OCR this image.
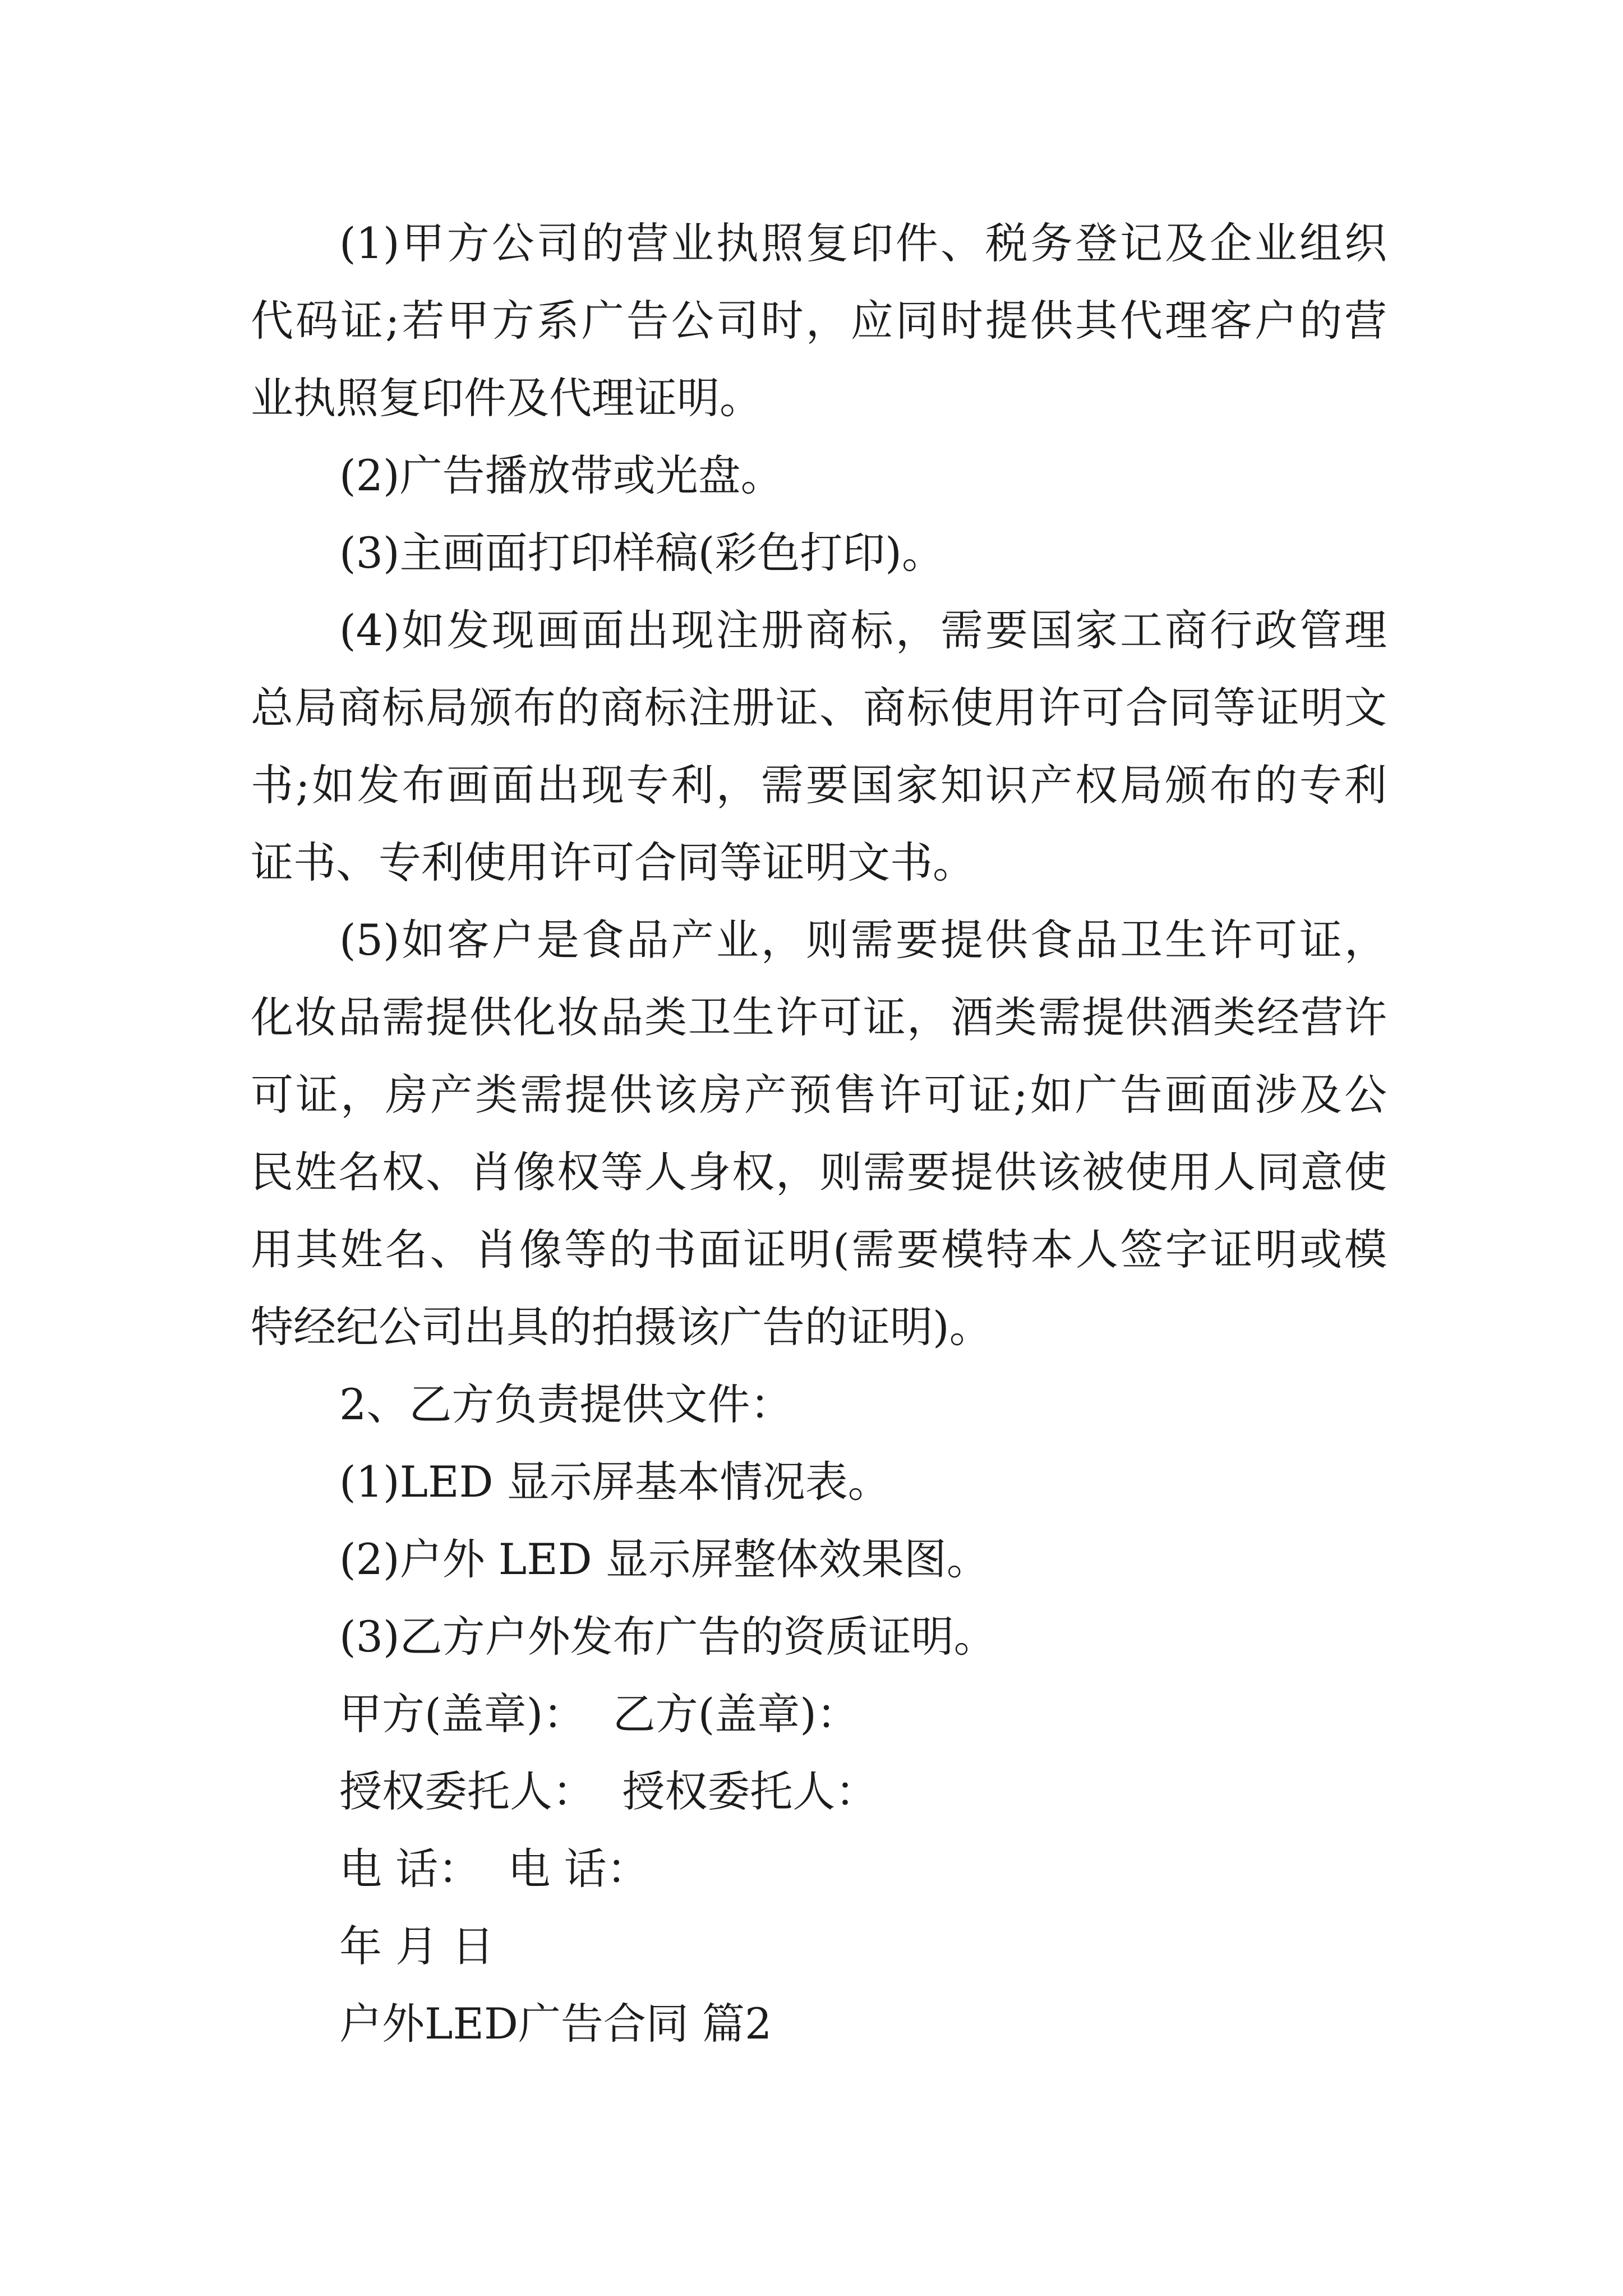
(1)甲方公司的营业执照复印件、税务登记及企业组织
代码证;若甲方系广告公司时，应同时提供其代理客户的营
业执照复印件及代理证明。
(2)广告播放带或光盘。
(3)主画面打印样稿(彩色打印)。
(4)如发现画面出现注册商标，需要国家工商行政管理
总局商标局颁布的商标注册证、商标使用许可合同等证明文
书;如发布画面出现专利，需要国家知识产权局颁布的专利
证书、专利使用许可合同等证明文书。
(5)如客户是食品产业，则需要提供食品卫生许可证，
化妆品需提供化妆品类卫生许可证，酒类需提供酒类经营许
可证，房产类需提供该房产预售许可证;如广告画面涉及公
民姓名权、肖像权等人身权，则需要提供该被使用人同意使
用其姓名、肖像等的书面证明(需要模特本人签字证明或模
特经纪公司出具的拍摄该广告的证明)。
2、乙方负责提供文件：
(1)LED 显示屏基本情况表。
(2)户外 LED 显示屏整体效果图。
(3)乙方户外发布广告的资质证明。
甲方(盖章)：  乙方(盖章)：
授权委托人：  授权委托人：
电 话：  电 话：
年 月 日
户外LED广告合同 篇2
